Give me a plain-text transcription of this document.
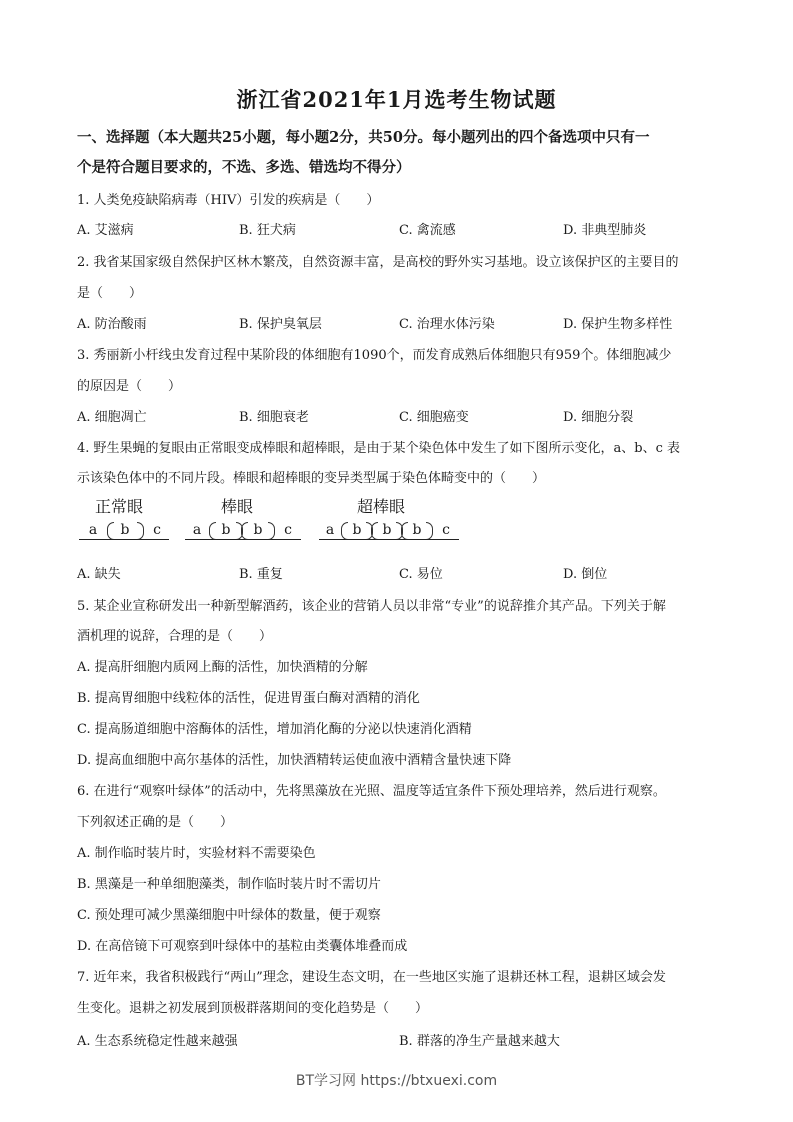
浙江省2021年1月选考生物试题
一、选择题（本大题共25小题，每小题2分，共50分。每小题列出的四个备选项中只有一
个是符合题目要求的，不选、多选、错选均不得分）
1. 人类免疫缺陷病毒（HIV）引发的疾病是（　　）
A. 艾滋病	B. 狂犬病	C. 禽流感	D. 非典型肺炎
2. 我省某国家级自然保护区林木繁茂，自然资源丰富，是高校的野外实习基地。设立该保护区的主要目的
是（　　）
A. 防治酸雨	B. 保护臭氧层	C. 治理水体污染	D. 保护生物多样性
3. 秀丽新小杆线虫发育过程中某阶段的体细胞有1090个，而发育成熟后体细胞只有959个。体细胞减少
的原因是（　　）
A. 细胞凋亡	B. 细胞衰老	C. 细胞癌变	D. 细胞分裂
4. 野生果蝇的复眼由正常眼变成棒眼和超棒眼，是由于某个染色体中发生了如下图所示变化，a、b、c 表
示该染色体中的不同片段。棒眼和超棒眼的变异类型属于染色体畸变中的（　　）
正常眼
a	b	c
棒眼
a	b	b	c
超棒眼
a	b	b	b	c
A. 缺失	B. 重复	C. 易位	D. 倒位
5. 某企业宣称研发出一种新型解酒药，该企业的营销人员以非常“专业”的说辞推介其产品。下列关于解
酒机理的说辞，合理的是（　　）
A. 提高肝细胞内质网上酶的活性，加快酒精的分解
B. 提高胃细胞中线粒体的活性，促进胃蛋白酶对酒精的消化
C. 提高肠道细胞中溶酶体的活性，增加消化酶的分泌以快速消化酒精
D. 提高血细胞中高尔基体的活性，加快酒精转运使血液中酒精含量快速下降
6. 在进行“观察叶绿体”的活动中，先将黑藻放在光照、温度等适宜条件下预处理培养，然后进行观察。
下列叙述正确的是（　　）
A. 制作临时装片时，实验材料不需要染色
B. 黑藻是一种单细胞藻类，制作临时装片时不需切片
C. 预处理可减少黑藻细胞中叶绿体的数量，便于观察
D. 在高倍镜下可观察到叶绿体中的基粒由类囊体堆叠而成
7. 近年来，我省积极践行“两山”理念，建设生态文明，在一些地区实施了退耕还林工程，退耕区域会发
生变化。退耕之初发展到顶极群落期间的变化趋势是（　　）
A. 生态系统稳定性越来越强	B. 群落的净生产量越来越大
BT学习网 https://btxuexi.com
